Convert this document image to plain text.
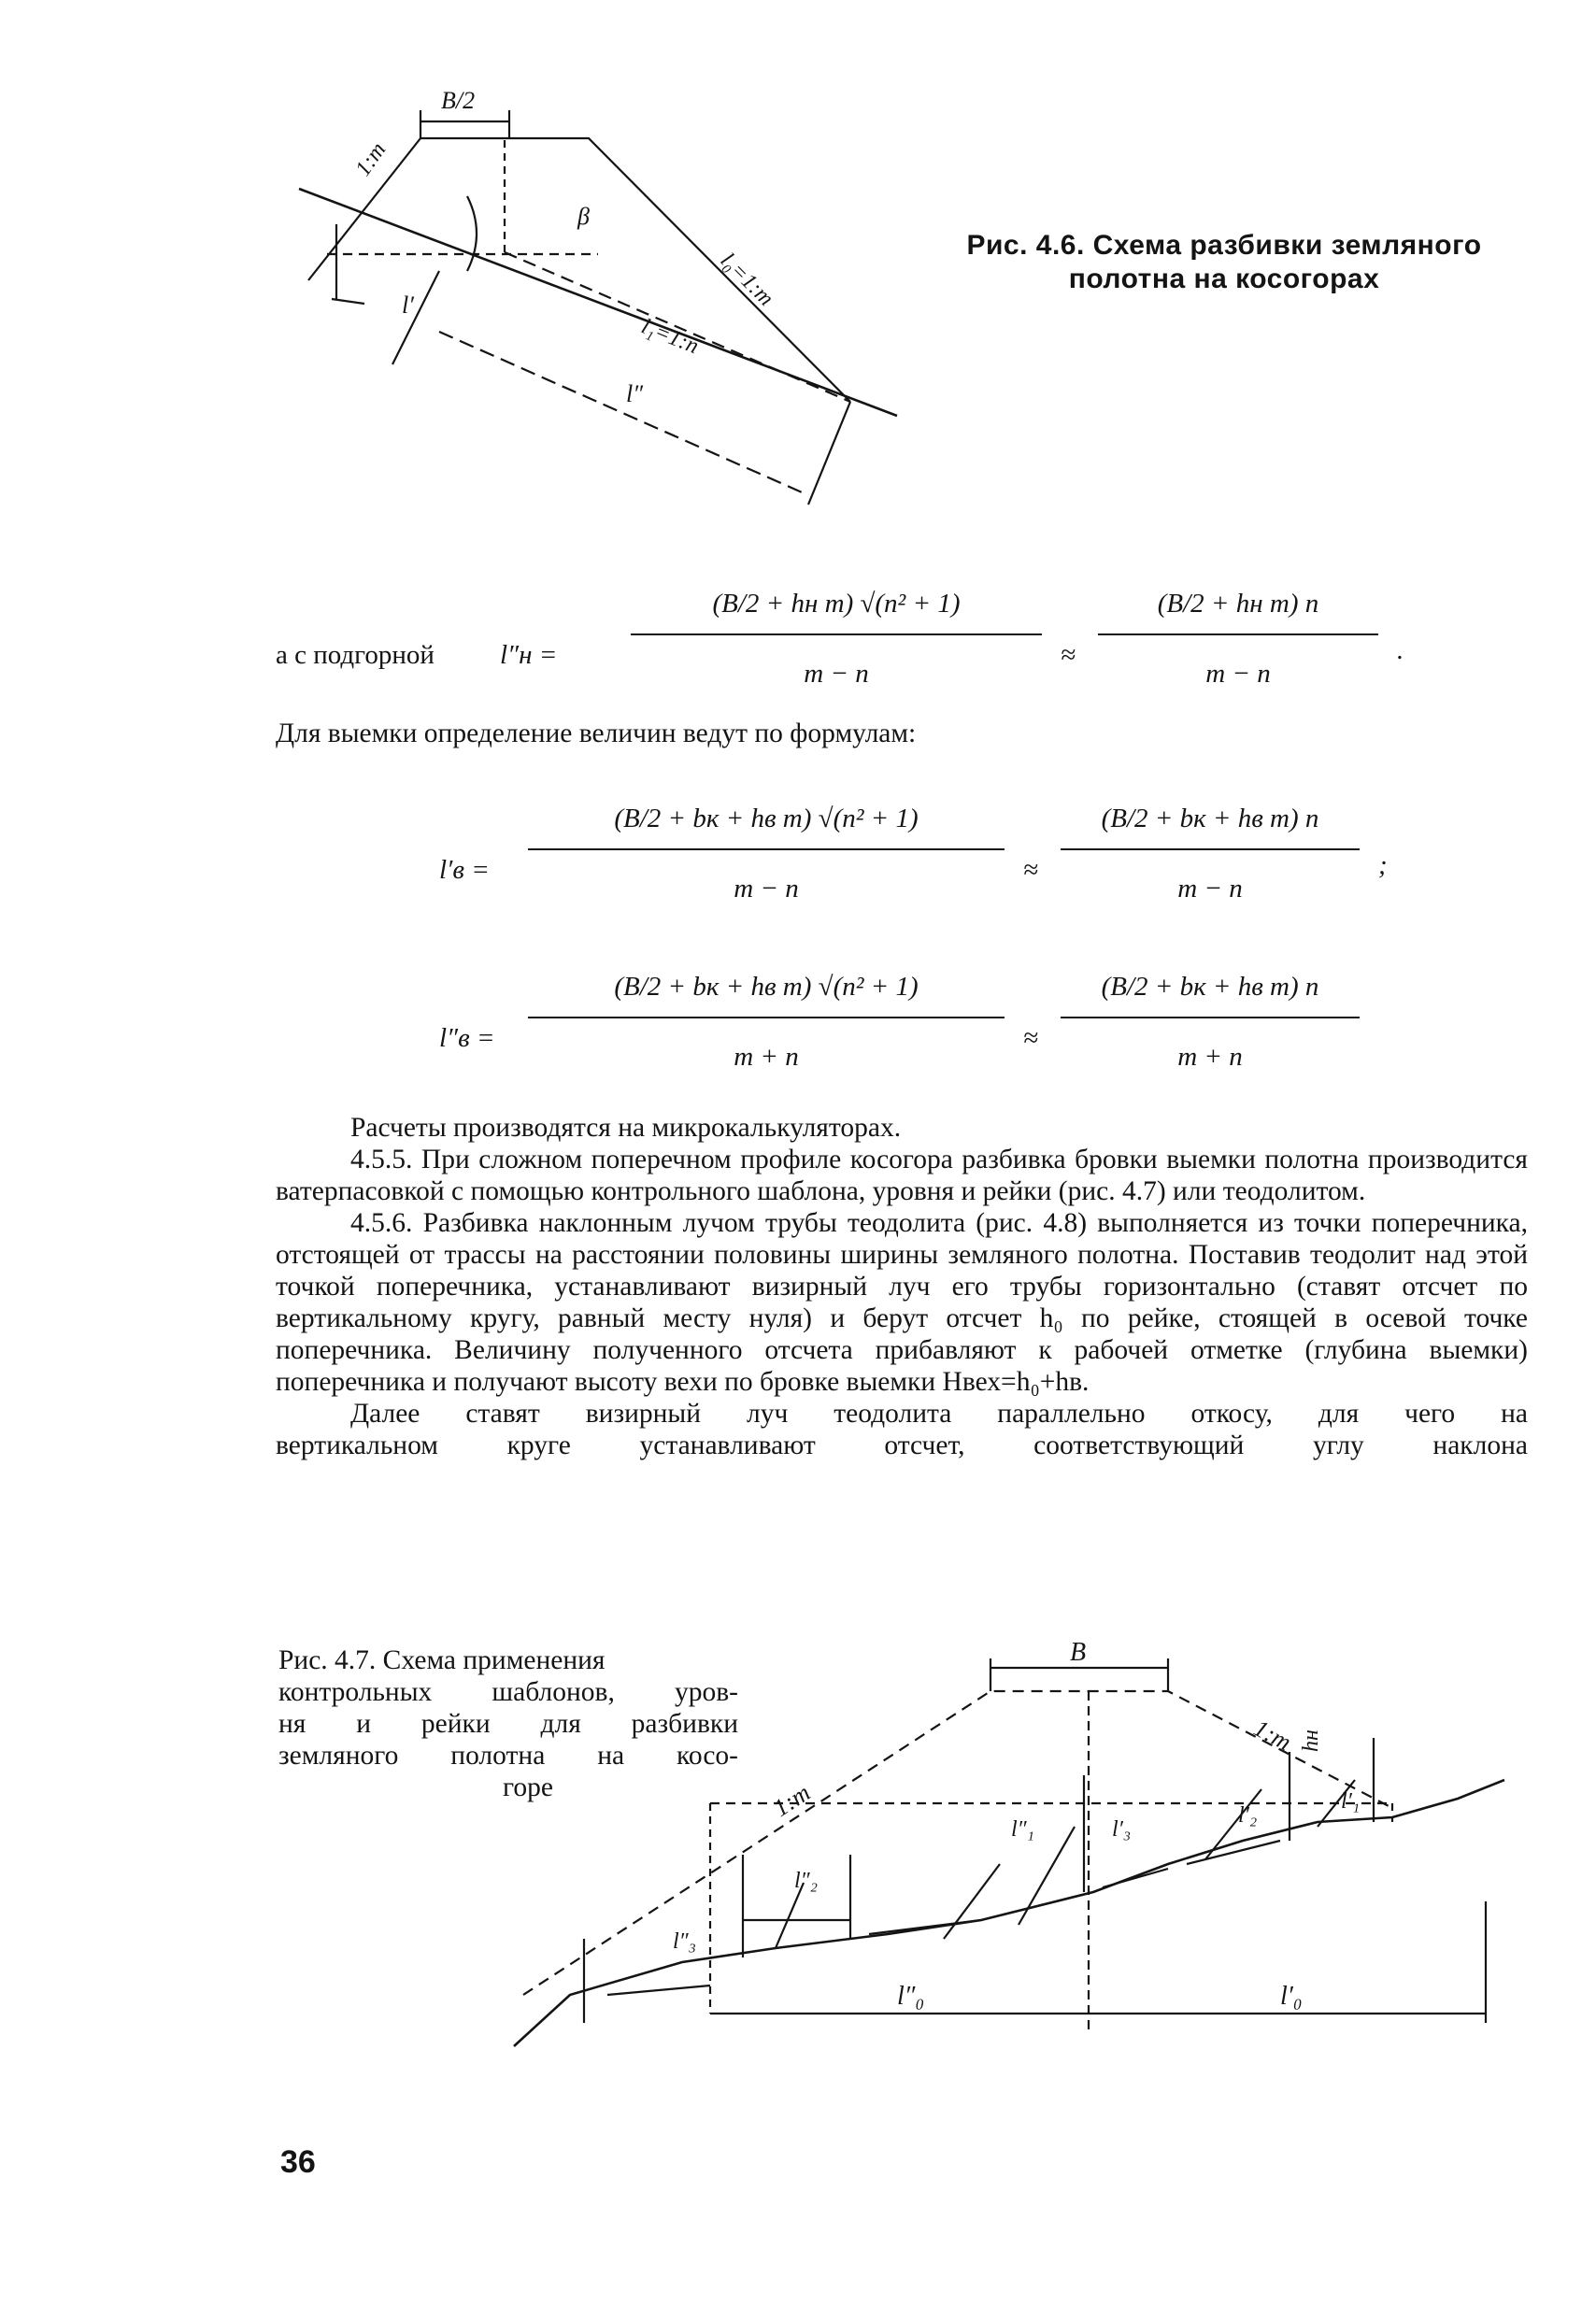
B/2
1:m
β
l₀=1:m
l₁=1:n
l″
l′
Рис. 4.6. Схема разбивки земляного
полотна на косогорах
а с подгорной l″н =
(B/2 + hн m) √(n² + 1)
m − n
≈
(B/2 + hн m) n
m − n
.
Для выемки определение величин ведут по формулам:
l′в =
(B/2 + bк + hв m) √(n² + 1)
m − n
≈
(B/2 + bк + hв m) n
m − n
;
l″в =
(B/2 + bк + hв m) √(n² + 1)
m + n
≈
(B/2 + bк + hв m) n
m + n

Расчеты производятся на микрокалькуляторах.

4.5.5. При сложном поперечном профиле косогора разбивка бровки выемки полотна производится ватерпасовкой с помощью контрольного шаблона, уровня и рейки (рис. 4.7) или теодолитом.

4.5.6. Разбивка наклонным лучом трубы теодолита (рис. 4.8) выполняется из точки поперечника, отстоящей от трассы на расстоянии половины ширины земляного полотна. Поставив теодолит над этой точкой поперечника, устанавливают визирный луч его трубы горизонтально (ставят отсчет по вертикальному кругу, равный месту нуля) и берут отсчет h₀ по рейке, стоящей в осевой точке поперечника. Величину полученного отсчета прибавляют к рабочей отметке (глубина выемки) поперечника и получают высоту вехи по бровке выемки Hвех=h₀+hв.

Далее ставят визирный луч теодолита параллельно откосу, для чего на

вертикальном круге устанавливают отсчет, соответствующий углу наклона

Рис. 4.7. Схема применения
контрольных шаблонов, уров-
ня и рейки для разбивки
земляного полотна на косо-
горе
B
1:m
1:m hн
l″₀	l′₀
l″₁
l″₂
l″₃
l′₁
l′₂
l′₃
36
